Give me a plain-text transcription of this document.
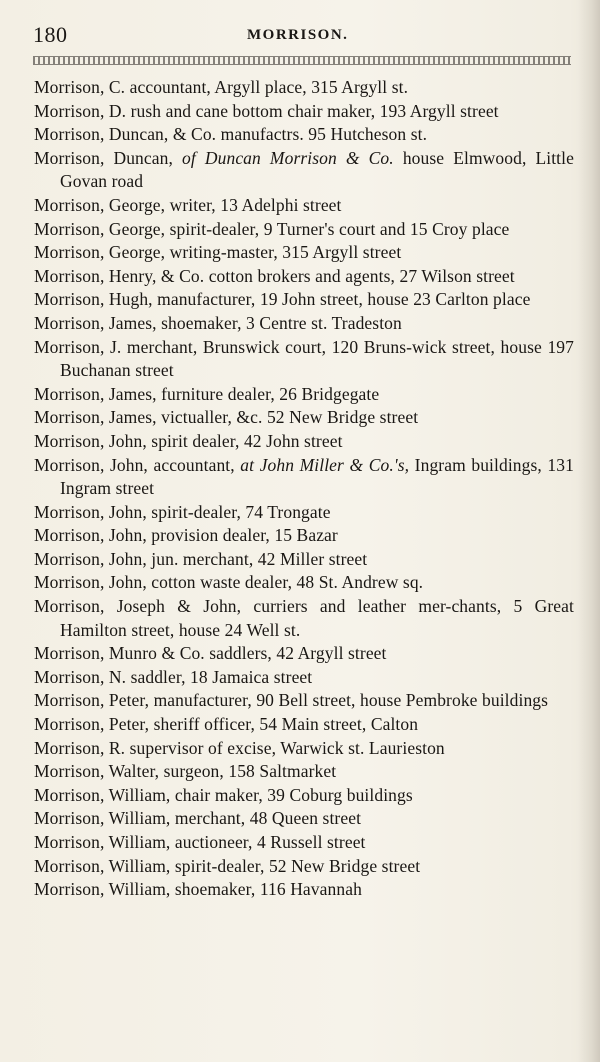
180	MORRISON.
Morrison, C. accountant, Argyll place, 315 Argyll st.
Morrison, D. rush and cane bottom chair maker, 193 Argyll street
Morrison, Duncan, & Co. manufactrs. 95 Hutcheson st.
Morrison, Duncan, of Duncan Morrison & Co. house Elmwood, Little Govan road
Morrison, George, writer, 13 Adelphi street
Morrison, George, spirit-dealer, 9 Turner's court and 15 Croy place
Morrison, George, writing-master, 315 Argyll street
Morrison, Henry, & Co. cotton brokers and agents, 27 Wilson street
Morrison, Hugh, manufacturer, 19 John street, house 23 Carlton place
Morrison, James, shoemaker, 3 Centre st. Tradeston
Morrison, J. merchant, Brunswick court, 120 Bruns-wick street, house 197 Buchanan street
Morrison, James, furniture dealer, 26 Bridgegate
Morrison, James, victualler, &c. 52 New Bridge street
Morrison, John, spirit dealer, 42 John street
Morrison, John, accountant, at John Miller & Co.'s, Ingram buildings, 131 Ingram street
Morrison, John, spirit-dealer, 74 Trongate
Morrison, John, provision dealer, 15 Bazar
Morrison, John, jun. merchant, 42 Miller street
Morrison, John, cotton waste dealer, 48 St. Andrew sq.
Morrison, Joseph & John, curriers and leather mer-chants, 5 Great Hamilton street, house 24 Well st.
Morrison, Munro & Co. saddlers, 42 Argyll street
Morrison, N. saddler, 18 Jamaica street
Morrison, Peter, manufacturer, 90 Bell street, house Pembroke buildings
Morrison, Peter, sheriff officer, 54 Main street, Calton
Morrison, R. supervisor of excise, Warwick st. Laurieston
Morrison, Walter, surgeon, 158 Saltmarket
Morrison, William, chair maker, 39 Coburg buildings
Morrison, William, merchant, 48 Queen street
Morrison, William, auctioneer, 4 Russell street
Morrison, William, spirit-dealer, 52 New Bridge street
Morrison, William, shoemaker, 116 Havannah
